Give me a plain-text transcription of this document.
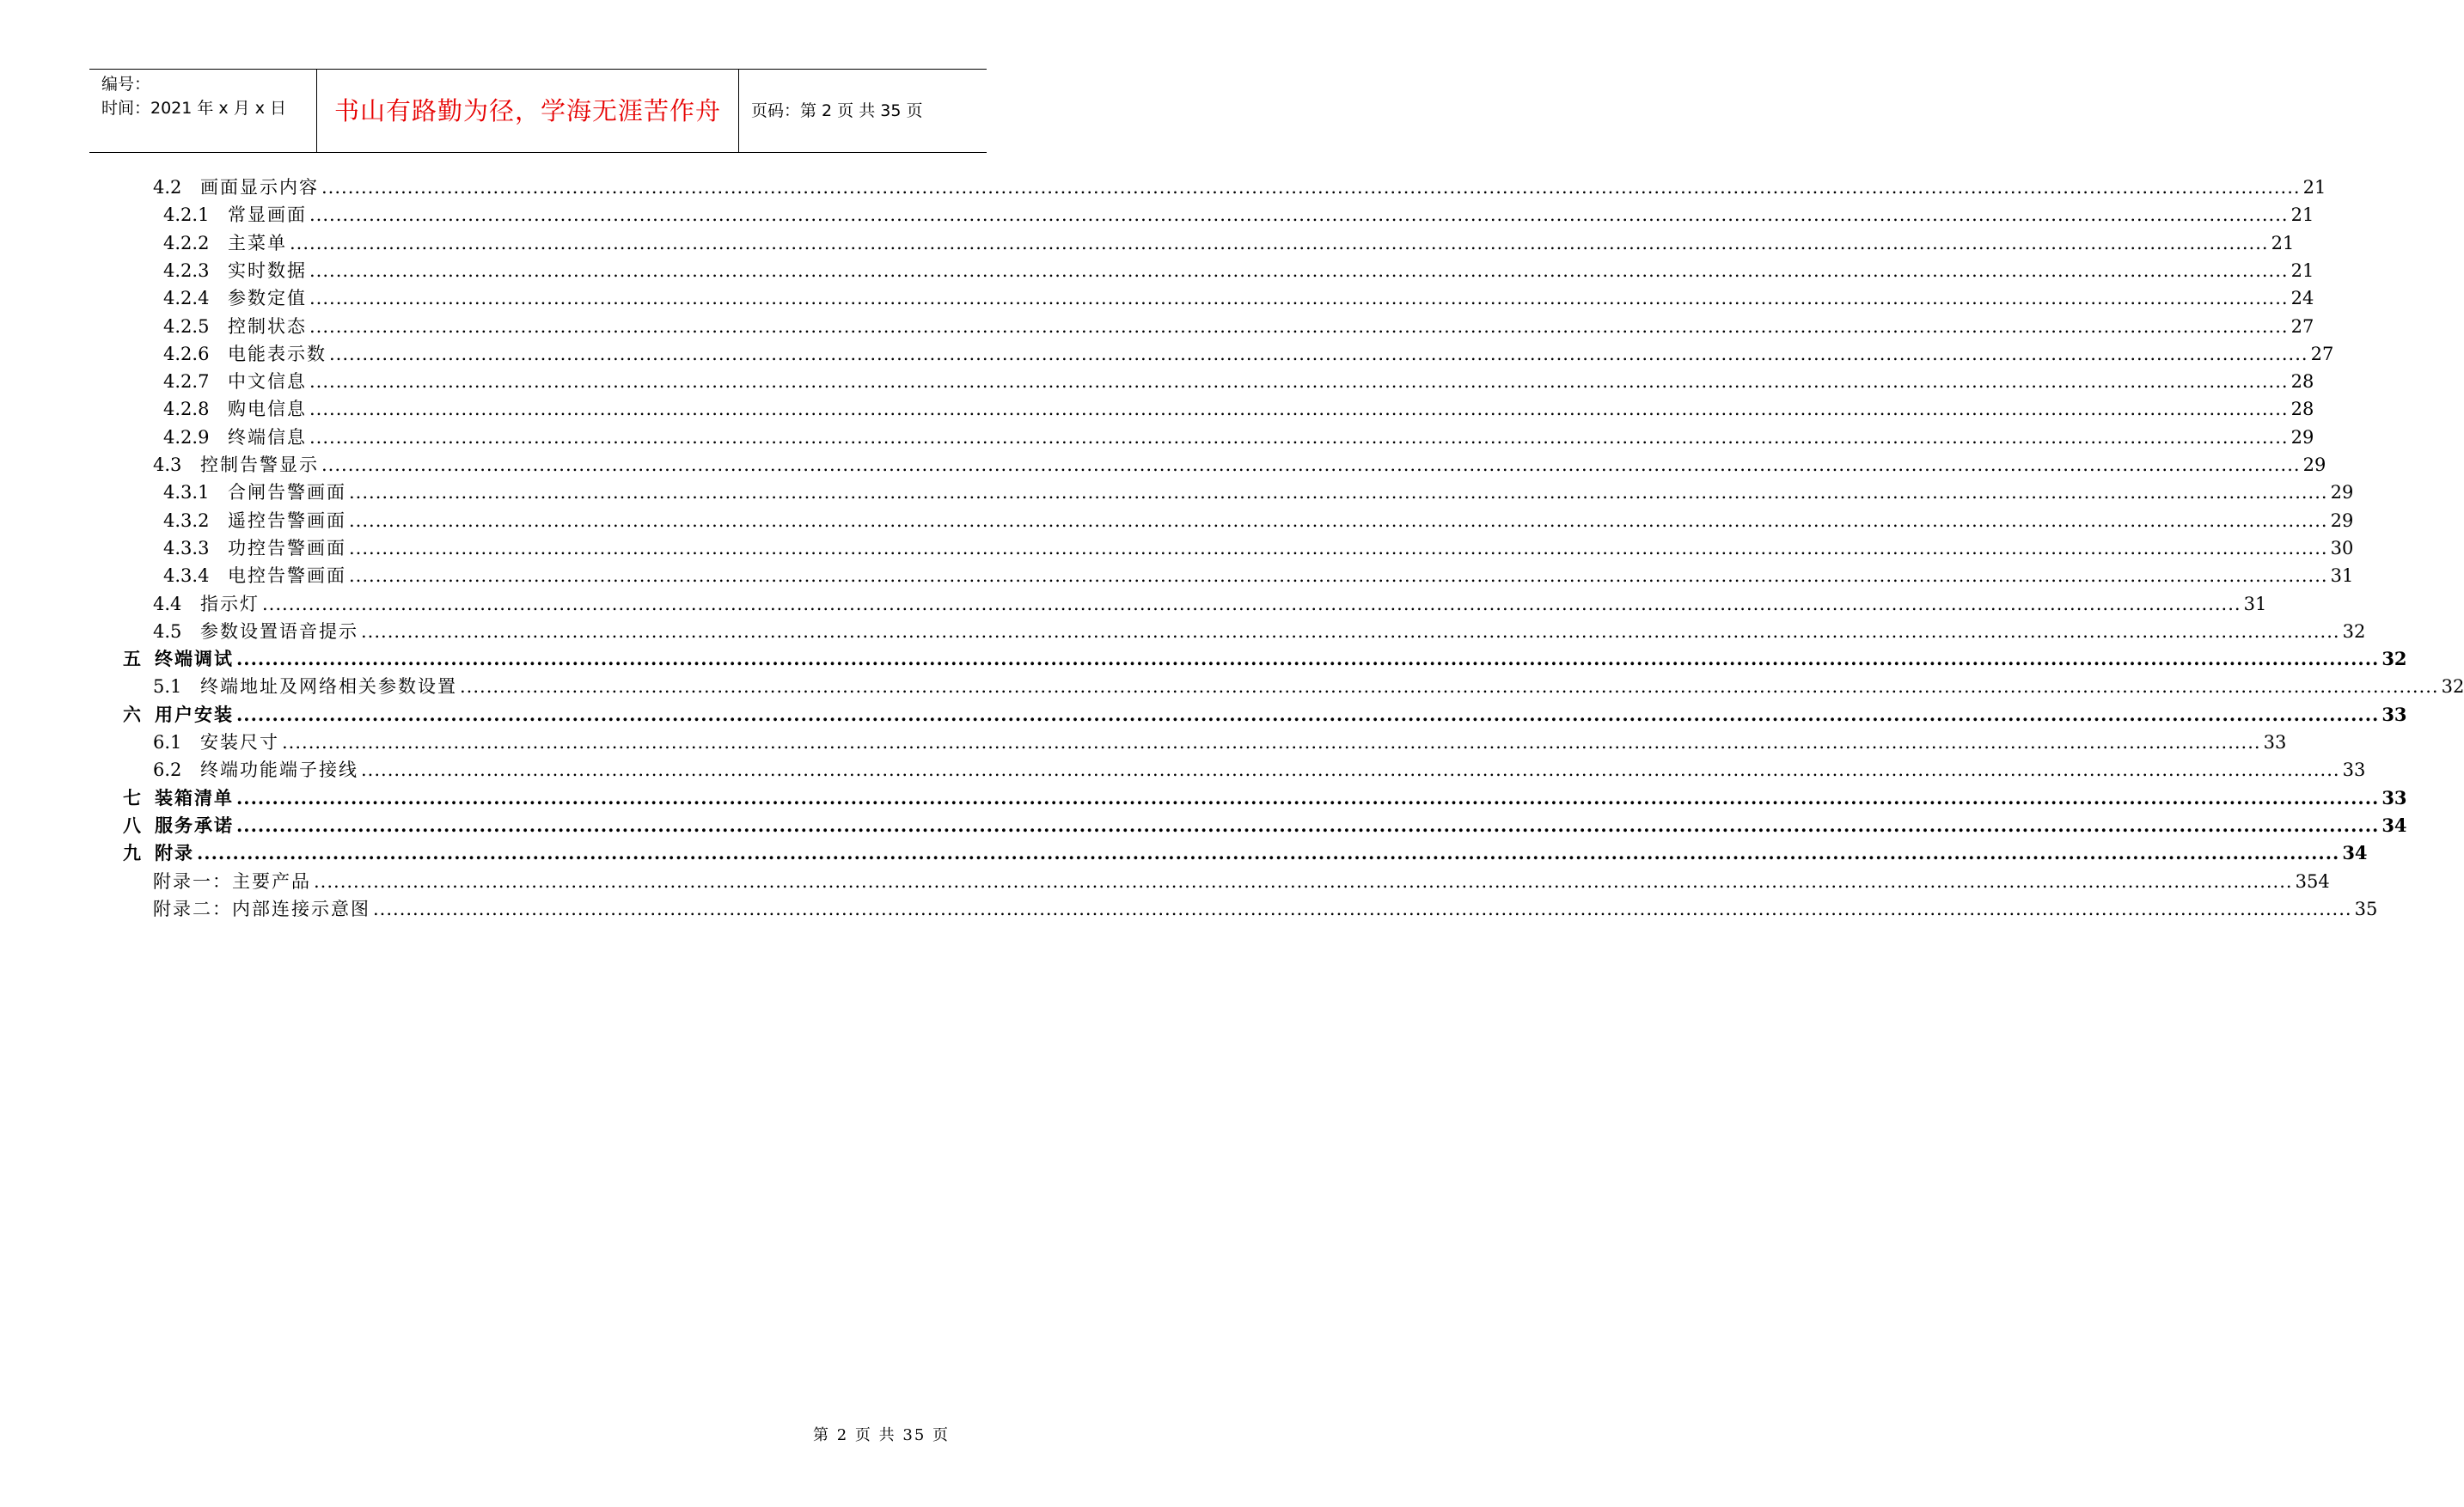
编号：
时间：2021 年 x 月 x 日	书山有路勤为径，学海无涯苦作舟	页码：第 2 页 共 35 页
4.2	画面显示内容 ............................................................................................................................................................................................................................................................................................................ 21
4.2.1	常显画面 ............................................................................................................................................................................................................................................................................................................ 21
4.2.2	主菜单 ............................................................................................................................................................................................................................................................................................................ 21
4.2.3	实时数据 ............................................................................................................................................................................................................................................................................................................ 21
4.2.4	参数定值 ............................................................................................................................................................................................................................................................................................................ 24
4.2.5	控制状态 ............................................................................................................................................................................................................................................................................................................ 27
4.2.6	电能表示数 ............................................................................................................................................................................................................................................................................................................ 27
4.2.7	中文信息 ............................................................................................................................................................................................................................................................................................................ 28
4.2.8	购电信息 ............................................................................................................................................................................................................................................................................................................ 28
4.2.9	终端信息 ............................................................................................................................................................................................................................................................................................................ 29
4.3	控制告警显示 ............................................................................................................................................................................................................................................................................................................ 29
4.3.1	合闸告警画面 ............................................................................................................................................................................................................................................................................................................ 29
4.3.2	遥控告警画面 ............................................................................................................................................................................................................................................................................................................ 29
4.3.3	功控告警画面 ............................................................................................................................................................................................................................................................................................................ 30
4.3.4	电控告警画面 ............................................................................................................................................................................................................................................................................................................ 31
4.4	指示灯 ............................................................................................................................................................................................................................................................................................................ 31
4.5	参数设置语音提示 ............................................................................................................................................................................................................................................................................................................ 32
五 终端调试 ............................................................................................................................................................................................................................................................................................................ 32
5.1	终端地址及网络相关参数设置 ............................................................................................................................................................................................................................................................................................................ 32
六 用户安装 ............................................................................................................................................................................................................................................................................................................ 33
6.1	安装尺寸 ............................................................................................................................................................................................................................................................................................................ 33
6.2	终端功能端子接线 ............................................................................................................................................................................................................................................................................................................ 33
七 装箱清单 ............................................................................................................................................................................................................................................................................................................ 33
八 服务承诺 ............................................................................................................................................................................................................................................................................................................ 34
九 附录 ............................................................................................................................................................................................................................................................................................................ 34
附录一：主要产品 ............................................................................................................................................................................................................................................................................................................ 354
附录二：内部连接示意图 ............................................................................................................................................................................................................................................................................................................ 35
第 2 页 共 35 页
